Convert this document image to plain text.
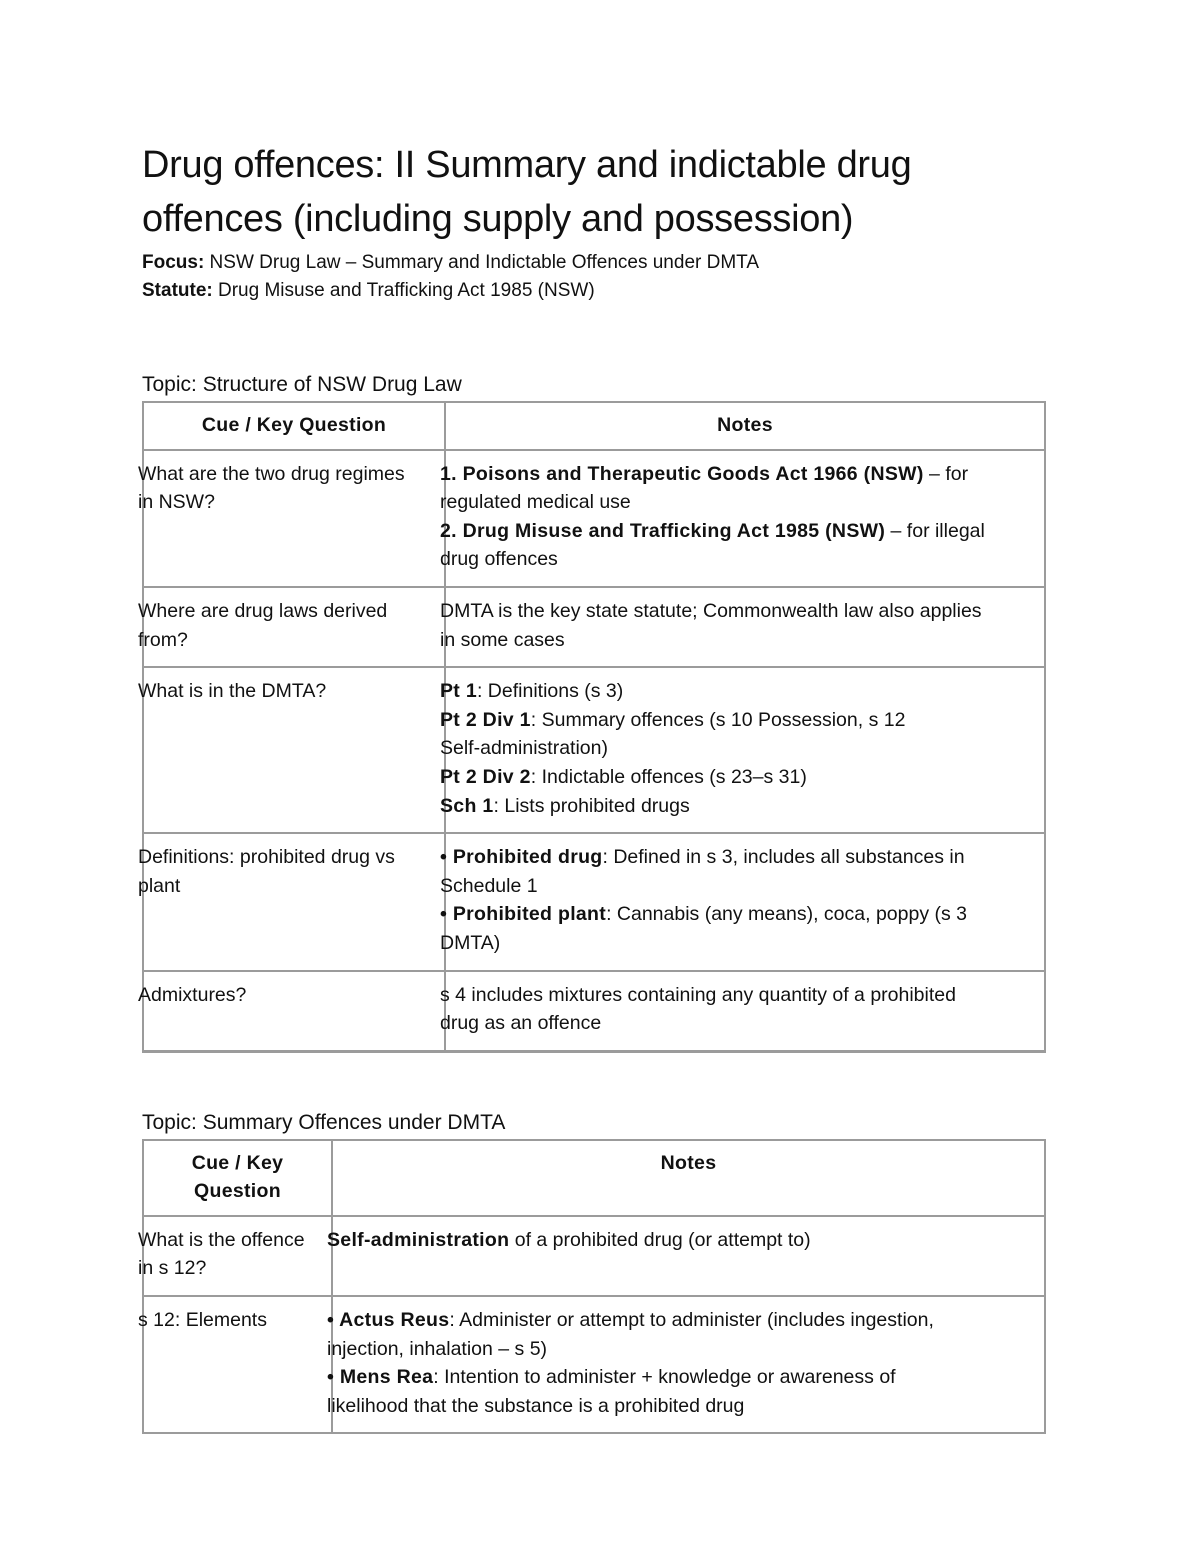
Drug offences: II Summary and indictable drug offences (including supply and possession)
Focus: NSW Drug Law – Summary and Indictable Offences under DMTA
Statute: Drug Misuse and Trafficking Act 1985 (NSW)

Topic: Structure of NSW Drug Law

Cue / Key Question	Notes

What are the two drug regimes
in NSW?	1. Poisons and Therapeutic Goods Act 1966 (NSW) – for
regulated medical use
2. Drug Misuse and Trafficking Act 1985 (NSW) – for illegal
drug offences

Where are drug laws derived
from?	DMTA is the key state statute; Commonwealth law also applies
in some cases

What is in the DMTA?	Pt 1: Definitions (s 3)
Pt 2 Div 1: Summary offences (s 10 Possession, s 12
Self-administration)
Pt 2 Div 2: Indictable offences (s 23–s 31)
Sch 1: Lists prohibited drugs

Definitions: prohibited drug vs
plant	• Prohibited drug: Defined in s 3, includes all substances in
Schedule 1
• Prohibited plant: Cannabis (any means), coca, poppy (s 3
DMTA)

Admixtures?	s 4 includes mixtures containing any quantity of a prohibited
drug as an offence

Topic: Summary Offences under DMTA

Cue / Key Question	Notes

What is the offence
in s 12?	Self-administration of a prohibited drug (or attempt to)

s 12: Elements	• Actus Reus: Administer or attempt to administer (includes ingestion,
injection, inhalation – s 5)
• Mens Rea: Intention to administer + knowledge or awareness of
likelihood that the substance is a prohibited drug
